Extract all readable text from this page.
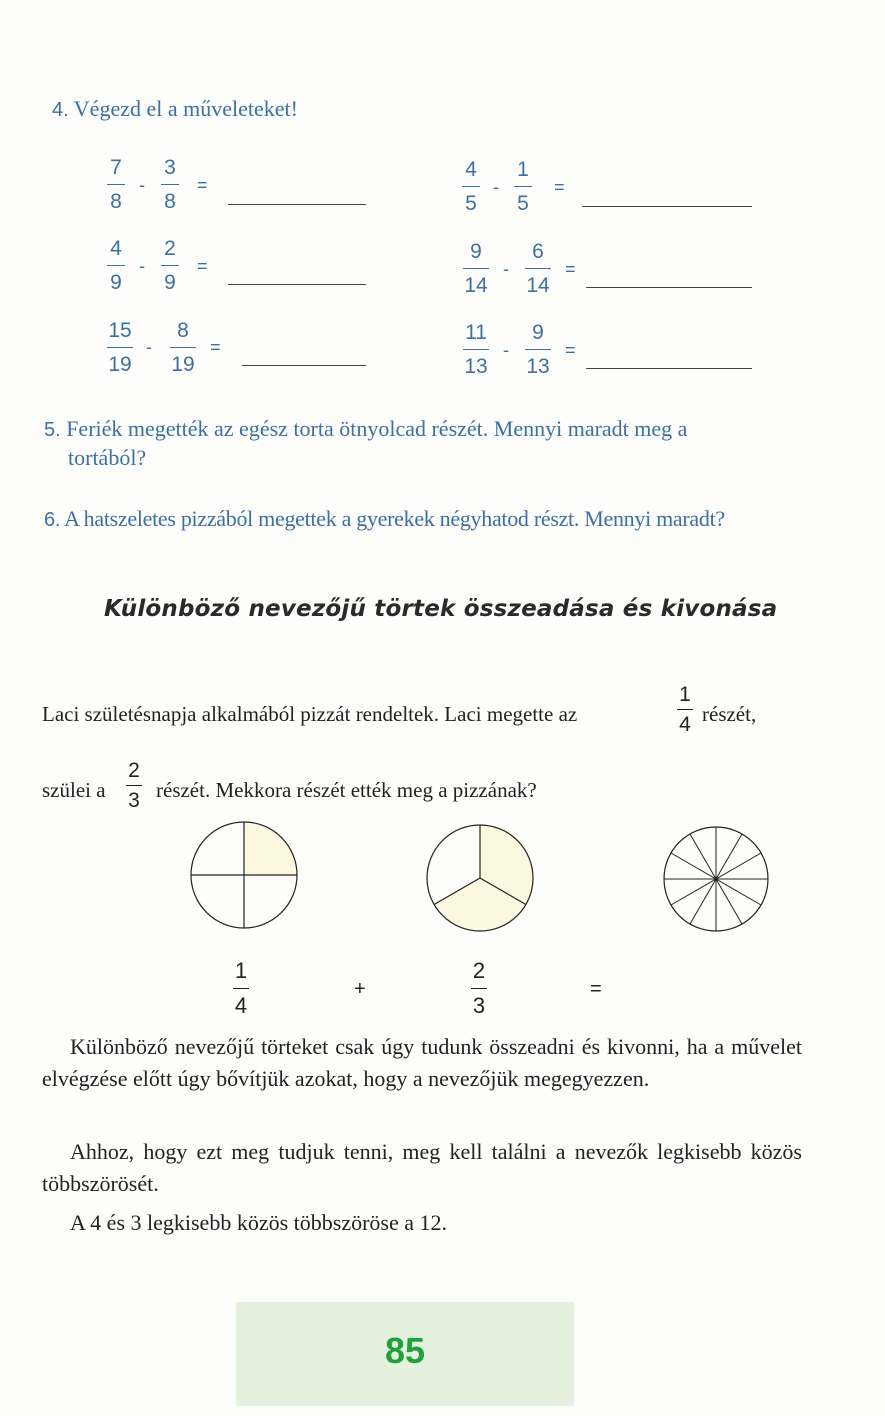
4. Végezd el a műveleteket!
7
8
-
3
8
=
4
5
-
1
5
=
4
9
-
2
9
=
9
14
-
6
14
=
15
19
-
8
19
=
11
13
-
9
13
=
5. Feriék megették az egész torta ötnyolcad részét. Mennyi maradt meg a
tortából?
6. A hatszeletes pizzából megettek a gyerekek négyhatod részt. Mennyi maradt?
Különböző nevezőjű törtek összeadása és kivonása
Laci születésnapja alkalmából pizzát rendeltek. Laci megette az
1
4 részét,
szülei a
2
3 részét. Mekkora részét ették meg a pizzának?
1
4
+
2
3
=
Különböző nevezőjű törteket csak úgy tudunk összeadni és kivonni, ha a művelet elvégzése előtt úgy bővítjük azokat, hogy a nevezőjük megegyezzen.
Ahhoz, hogy ezt meg tudjuk tenni, meg kell találni a nevezők legkisebb közös többszörösét.
A 4 és 3 legkisebb közös többszöröse a 12.
85
